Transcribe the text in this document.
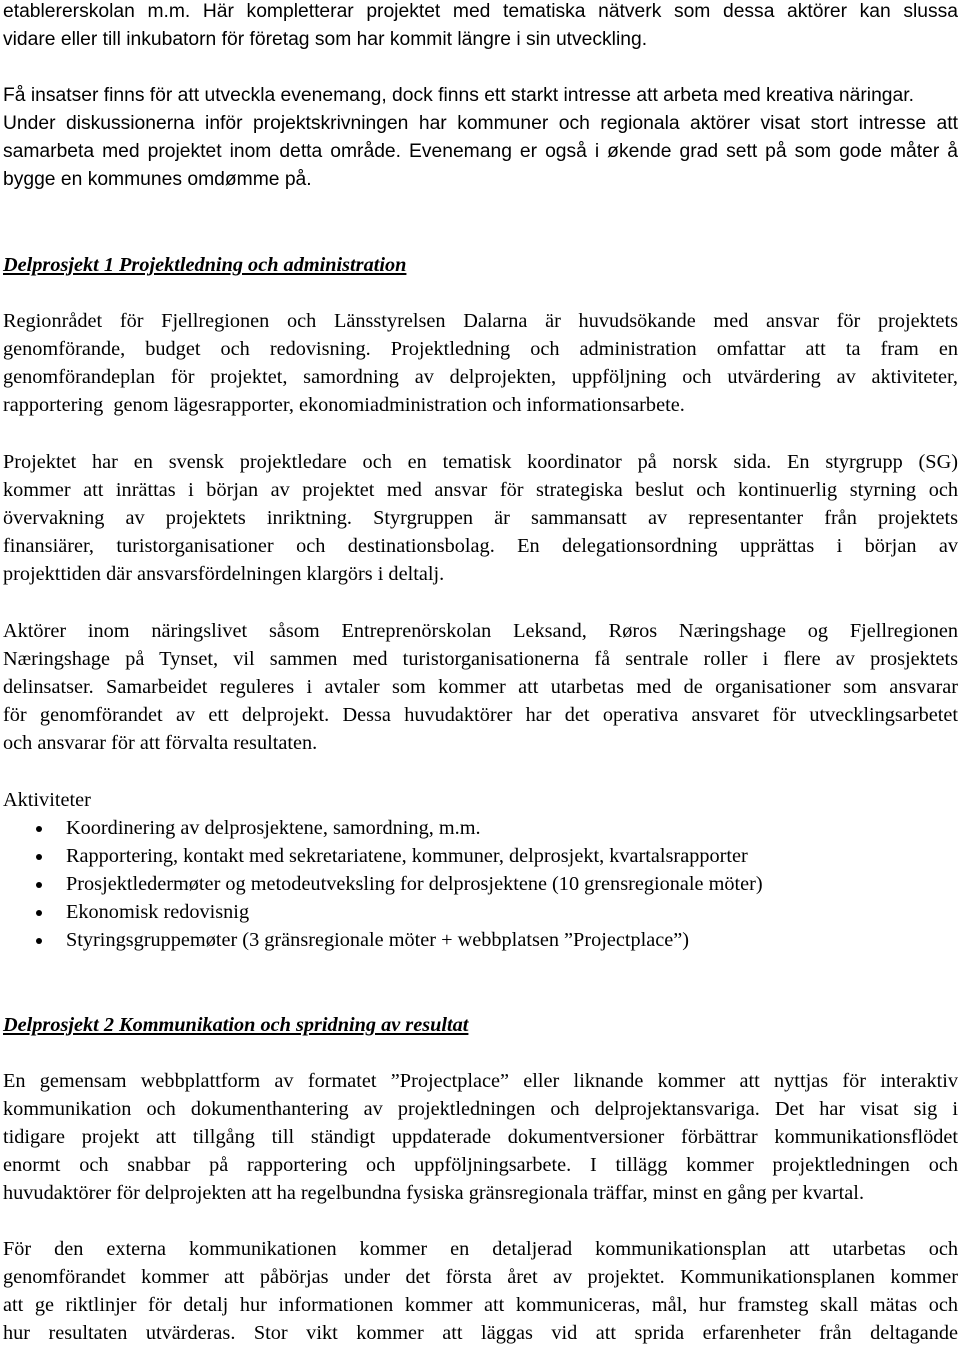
etablererskolan m.m. Här kompletterar projektet med tematiska nätverk som dessa aktörer kan slussa
vidare eller till inkubatorn för företag som har kommit längre i sin utveckling.
Få insatser finns för att utveckla evenemang, dock finns ett starkt intresse att arbeta med kreativa näringar.
Under diskussionerna inför projektskrivningen har kommuner och regionala aktörer visat stort intresse att
samarbeta med projektet inom detta område. Evenemang er også i økende grad sett på som gode måter å
bygge en kommunes omdømme på.
Delprosjekt 1 Projektledning och administration
Regionrådet för Fjellregionen och Länsstyrelsen Dalarna är huvudsökande med ansvar för projektets
genomförande, budget och redovisning. Projektledning och administration omfattar att ta fram en
genomförandeplan för projektet, samordning av delprojekten, uppföljning och utvärdering av aktiviteter,
rapportering  genom lägesrapporter, ekonomiadministration och informationsarbete.
Projektet har en svensk projektledare och en tematisk koordinator på norsk sida. En styrgrupp (SG)
kommer att inrättas i början av projektet med ansvar för strategiska beslut och kontinuerlig styrning och
övervakning av projektets inriktning. Styrgruppen är sammansatt av representanter från projektets
finansiärer, turistorganisationer och destinationsbolag. En delegationsordning upprättas i början av
projekttiden där ansvarsfördelningen klargörs i deltalj.
Aktörer inom näringslivet såsom Entreprenörskolan Leksand, Røros Næringshage og Fjellregionen
Næringshage på Tynset, vil sammen med turistorganisationerna få sentrale roller i flere av prosjektets
delinsatser. Samarbeidet reguleres i avtaler som kommer att utarbetas med de organisationer som ansvarar
för genomförandet av ett delprojekt. Dessa huvudaktörer har det operativa ansvaret för utvecklingsarbetet
och ansvarar för att förvalta resultaten.
Aktiviteter
Koordinering av delprosjektene, samordning, m.m.
Rapportering, kontakt med sekretariatene, kommuner, delprosjekt, kvartalsrapporter
Prosjektledermøter og metodeutveksling for delprosjektene (10 grensregionale möter)
Ekonomisk redovisnig
Styringsgruppemøter (3 gränsregionale möter + webbplatsen ”Projectplace”)
Delprosjekt 2 Kommunikation och spridning av resultat
En gemensam webbplattform av formatet ”Projectplace” eller liknande kommer att nyttjas för interaktiv
kommunikation och dokumenthantering av projektledningen och delprojektansvariga. Det har visat sig i
tidigare projekt att tillgång till ständigt uppdaterade dokumentversioner förbättrar kommunikationsflödet
enormt och snabbar på rapportering och uppföljningsarbete. I tillägg kommer projektledningen och
huvudaktörer för delprojekten att ha regelbundna fysiska gränsregionala träffar, minst en gång per kvartal.
För den externa kommunikationen kommer en detaljerad kommunikationsplan att utarbetas och
genomförandet kommer att påbörjas under det första året av projektet. Kommunikationsplanen kommer
att ge riktlinjer för detalj hur informationen kommer att kommuniceras, mål, hur framsteg skall mätas och
hur resultaten utvärderas. Stor vikt kommer att läggas vid att sprida erfarenheter från deltagande
